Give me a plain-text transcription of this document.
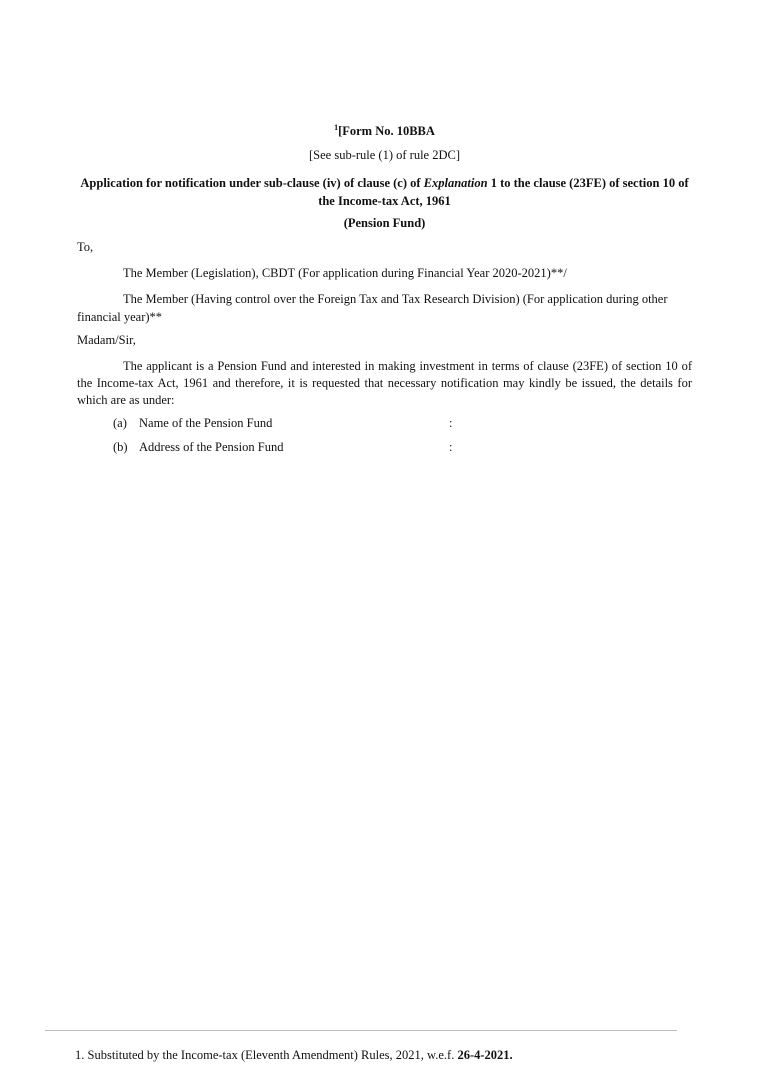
$^1$[Form No. 10BBA
[See sub-rule (1) of rule 2DC]
Application for notification under sub-clause (iv) of clause (c) of Explanation 1 to the clause (23FE) of section 10 of the Income-tax Act, 1961
(Pension Fund)
To,
The Member (Legislation), CBDT (For application during Financial Year 2020-2021)**/
The Member (Having control over the Foreign Tax and Tax Research Division) (For application during other financial year)**
Madam/Sir,
The applicant is a Pension Fund and interested in making investment in terms of clause (23FE) of section 10 of the Income-tax Act, 1961 and therefore, it is requested that necessary notification may kindly be issued, the details for which are as under:
(a) Name of the Pension Fund	:
(b) Address of the Pension Fund	:
1. Substituted by the Income-tax (Eleventh Amendment) Rules, 2021, w.e.f. 26-4-2021.
